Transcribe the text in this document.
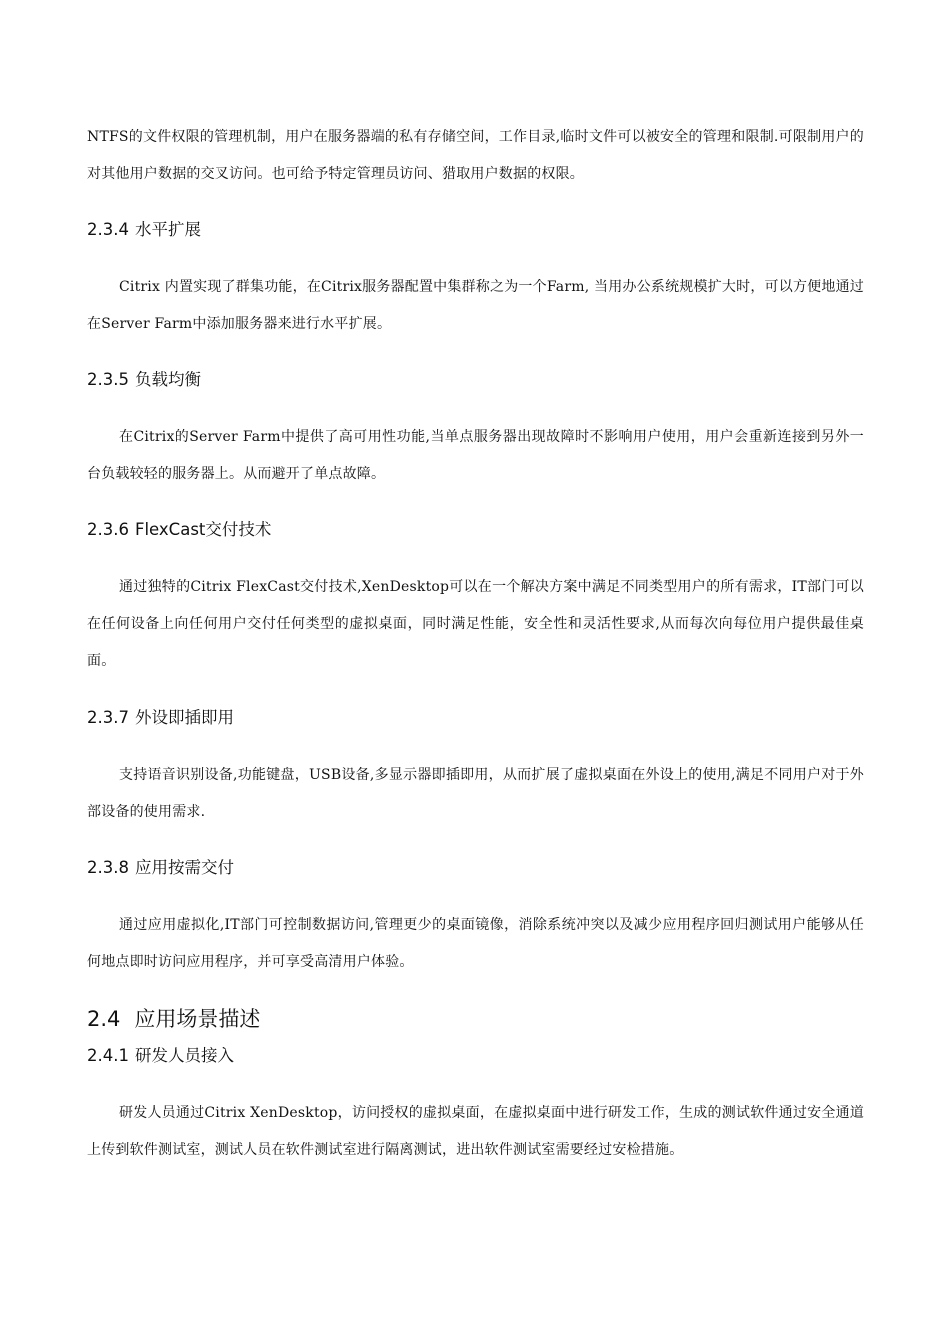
NTFS的文件权限的管理机制，用户在服务器端的私有存储空间，工作目录,临时文件可以被安全的管理和限制.可限制用户的对其他用户数据的交叉访问。也可给予特定管理员访问、猎取用户数据的权限。

2.3.4 水平扩展

Citrix 内置实现了群集功能，在Citrix服务器配置中集群称之为一个Farm, 当用办公系统规模扩大时，可以方便地通过在Server Farm中添加服务器来进行水平扩展。

2.3.5 负载均衡

在Citrix的Server Farm中提供了高可用性功能,当单点服务器出现故障时不影响用户使用，用户会重新连接到另外一台负载较轻的服务器上。从而避开了单点故障。

2.3.6 FlexCast交付技术

通过独特的Citrix FlexCast交付技术,XenDesktop可以在一个解决方案中满足不同类型用户的所有需求，IT部门可以在任何设备上向任何用户交付任何类型的虚拟桌面，同时满足性能，安全性和灵活性要求,从而每次向每位用户提供最佳桌面。

2.3.7 外设即插即用

支持语音识别设备,功能键盘，USB设备,多显示器即插即用，从而扩展了虚拟桌面在外设上的使用,满足不同用户对于外部设备的使用需求.

2.3.8 应用按需交付

通过应用虚拟化,IT部门可控制数据访问,管理更少的桌面镜像，消除系统冲突以及减少应用程序回归测试用户能够从任何地点即时访问应用程序，并可享受高清用户体验。

2.4 应用场景描述
2.4.1 研发人员接入

研发人员通过Citrix XenDesktop，访问授权的虚拟桌面，在虚拟桌面中进行研发工作，生成的测试软件通过安全通道上传到软件测试室，测试人员在软件测试室进行隔离测试，进出软件测试室需要经过安检措施。
